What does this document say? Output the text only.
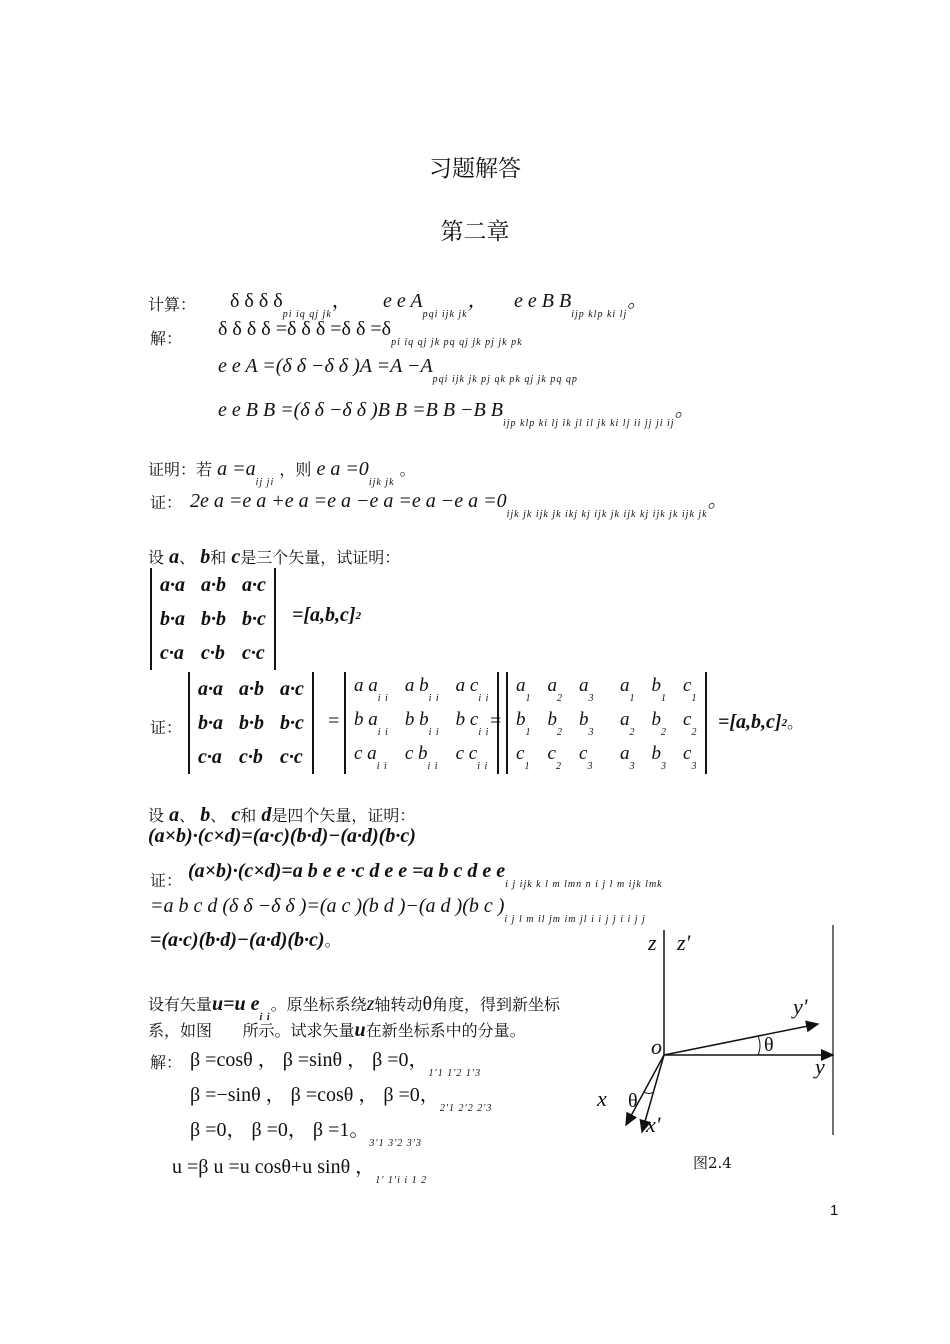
习题解答
第二章
计算： δ δ δ $\delta_{pi iq qj jk}$， e e $A_{pqi ijk jk}$， e e B $B_{ijp klp ki lj}$。
解： δ δ δ δ =δ δ δ =δ $\delta =\delta_{pi iq qj jk pq qj jk pj jk pk}$
e e A =(δ δ −δ δ )$A =A -A_{pqi ijk jk pj qk pk qj jk pq qp}$
e e B B =(δ δ −δ δ )B B =B B −B $B_{ijp klp ki lj ik jl il jk ki lj ii jj ji ij}$。
证明：若 $a =a_{ij ji}$ ，则 e $a =0_{ijk jk}$ 。
证： 2e a =e a +e a =e a −e a =e a −e $a =0_{ijk jk ijk jk ikj kj ijk jk ijk kj ijk jk ijk jk}$。
设 a、 b和 c是三个矢量，试证明：
a·a	a·b	a·c
b·a	b·b	b·c
c·a	c·b	c·c
=[a,b,c]2
证：
a·a	a·b	a·c
b·a	b·b	b·c
c·a	c·b	c·c
=
a $a_{i i}$	a $b_{i i}$	a $c_{i i}$
b $a_{i i}$	b $b_{i i}$	b $c_{i i}$
c $a_{i i}$	c $b_{i i}$	c $c_{i i}$
=
$a_1$	$a_2$	$a_3$
$b_1$	$b_2$	$b_3$
$c_1$	$c_2$	$c_3$
$a_1$	$b_1$	$c_1$
$a_2$	$b_2$	$c_2$
$a_3$	$b_3$	$c_3$
=[a,b,c]2。
设 a、 b、 c和 d是四个矢量，证明：
(a×b)·(c×d)=(a·c)(b·d)−(a·d)(b·c)
证： (a×b)·(c×d)=a b e e ·c d e e =a b c d e $e_{i j ijk k l m lmn n i j l m ijk lmk}$
=a b c d (δ δ −δ δ )=(a c )(b d )−(a d )(b c )$_{i j l m il jm im jl i i j j i i j j}$
=(a·c)(b·d)−(a·d)(b·c)。
设有矢量u=u $e_{i i}$。原坐标系绕z轴转动θ角度，得到新坐标
系，如图 所示。试求矢量u在新坐标系中的分量。
解： β =cosθ ， β =sinθ ， β =0，$_{1'1 1'2 1'3}$
β =−sinθ ， β =cosθ ， β =0，$_{2'1 2'2 2'3}$
β =0， β =0， β =1。$_{3'1 3'2 3'3}$
u =β u =u cosθ+u sinθ ，$_{1' 1'i i 1 2}$
z z'
o
y'
y
θ
x θ
x'
图2.4
1
